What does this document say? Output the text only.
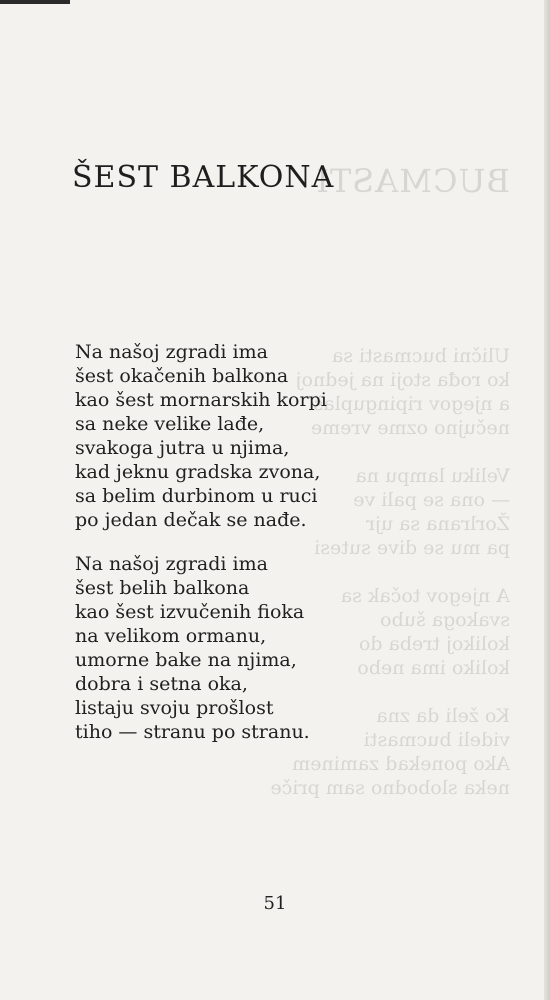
BUCMASTI
Ulični bucmasti sa
ko rođa stoji na jednoj
a njegov ripinguplaš
nečujno ozme vreme
Veliku lampu na
— ona se pali ve
Žorlrana sa ujr
pa mu se dive sutesi
A njegov točak sa
svakoga šubo
kolikoj treba do
koliko ima nebo
Ko želi da zna
videli bucmasti
Ako ponekad zaminem
neka slobodno sam priče
ŠEST BALKONA
Na našoj zgradi ima
šest okačenih balkona
kao šest mornarskih korpi
sa neke velike lađe,
svakoga jutra u njima,
kad jeknu gradska zvona,
sa belim durbinom u ruci
po jedan dečak se nađe.
Na našoj zgradi ima
šest belih balkona
kao šest izvučenih fioka
na velikom ormanu,
umorne bake na njima,
dobra i setna oka,
listaju svoju prošlost
tiho — stranu po stranu.
51
